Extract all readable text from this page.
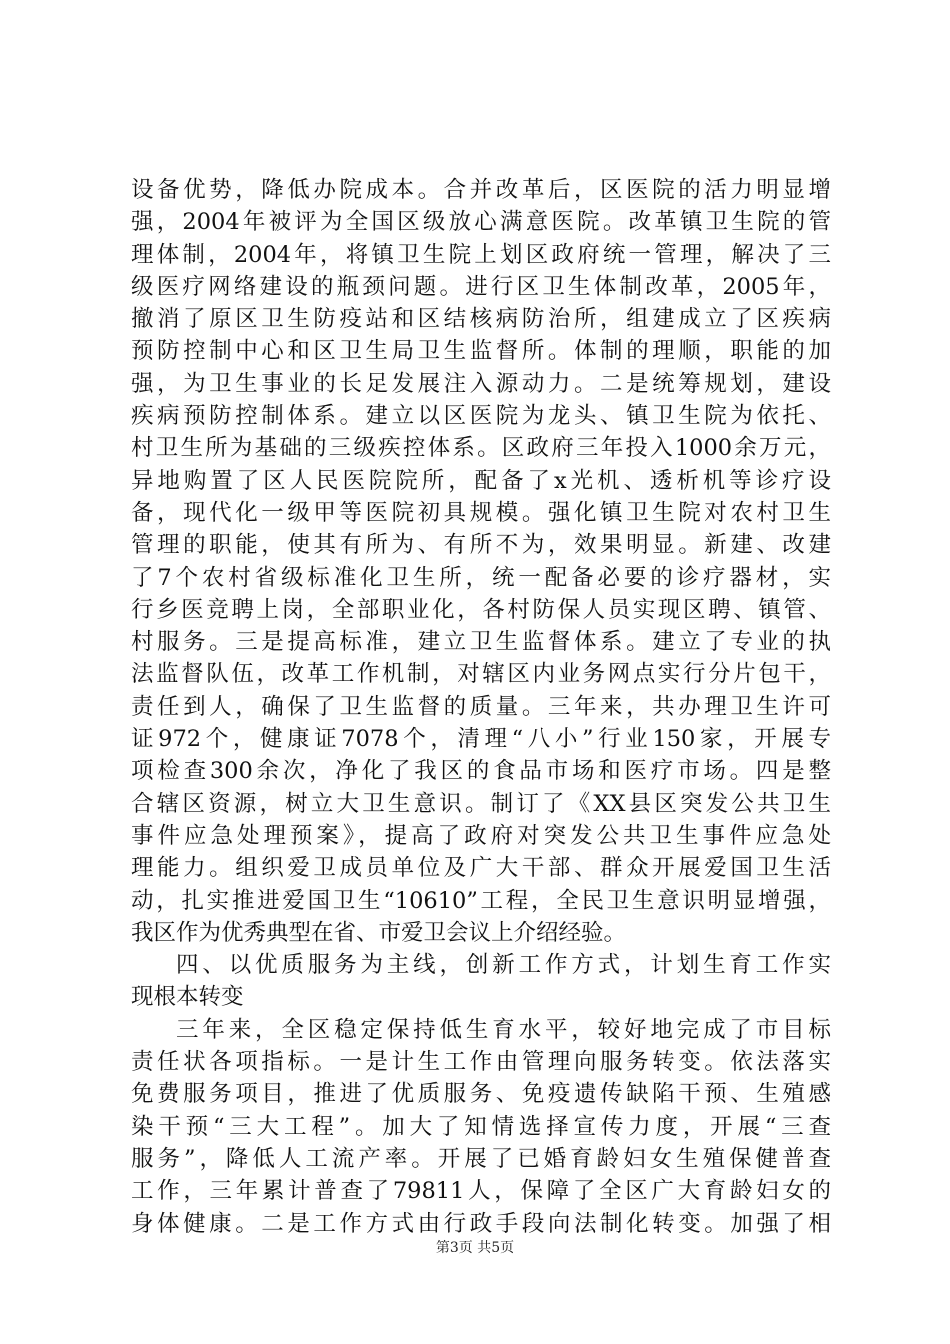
设备优势，降低办院成本。合并改革后，区医院的活力明显增
强，2004年被评为全国区级放心满意医院。改革镇卫生院的管
理体制，2004年，将镇卫生院上划区政府统一管理，解决了三
级医疗网络建设的瓶颈问题。进行区卫生体制改革，2005年，
撤消了原区卫生防疫站和区结核病防治所，组建成立了区疾病
预防控制中心和区卫生局卫生监督所。体制的理顺，职能的加
强，为卫生事业的长足发展注入源动力。二是统筹规划，建设
疾病预防控制体系。建立以区医院为龙头、镇卫生院为依托、
村卫生所为基础的三级疾控体系。区政府三年投入1000余万元，
异地购置了区人民医院院所，配备了x光机、透析机等诊疗设
备，现代化一级甲等医院初具规模。强化镇卫生院对农村卫生
管理的职能，使其有所为、有所不为，效果明显。新建、改建
了7个农村省级标准化卫生所，统一配备必要的诊疗器材，实
行乡医竞聘上岗，全部职业化，各村防保人员实现区聘、镇管、
村服务。三是提高标准，建立卫生监督体系。建立了专业的执
法监督队伍，改革工作机制，对辖区内业务网点实行分片包干，
责任到人，确保了卫生监督的质量。三年来，共办理卫生许可
证972个，健康证7078个，清理“八小”行业150家，开展专
项检查300余次，净化了我区的食品市场和医疗市场。四是整
合辖区资源，树立大卫生意识。制订了《XX县区突发公共卫生
事件应急处理预案》，提高了政府对突发公共卫生事件应急处
理能力。组织爱卫成员单位及广大干部、群众开展爱国卫生活
动，扎实推进爱国卫生“10610”工程，全民卫生意识明显增强，
我区作为优秀典型在省、市爱卫会议上介绍经验。
四、以优质服务为主线，创新工作方式，计划生育工作实
现根本转变
三年来，全区稳定保持低生育水平，较好地完成了市目标
责任状各项指标。一是计生工作由管理向服务转变。依法落实
免费服务项目，推进了优质服务、免疫遗传缺陷干预、生殖感
染干预“三大工程”。加大了知情选择宣传力度，开展“三查
服务”，降低人工流产率。开展了已婚育龄妇女生殖保健普查
工作，三年累计普查了79811人，保障了全区广大育龄妇女的
身体健康。二是工作方式由行政手段向法制化转变。加强了相
第3页 共5页
